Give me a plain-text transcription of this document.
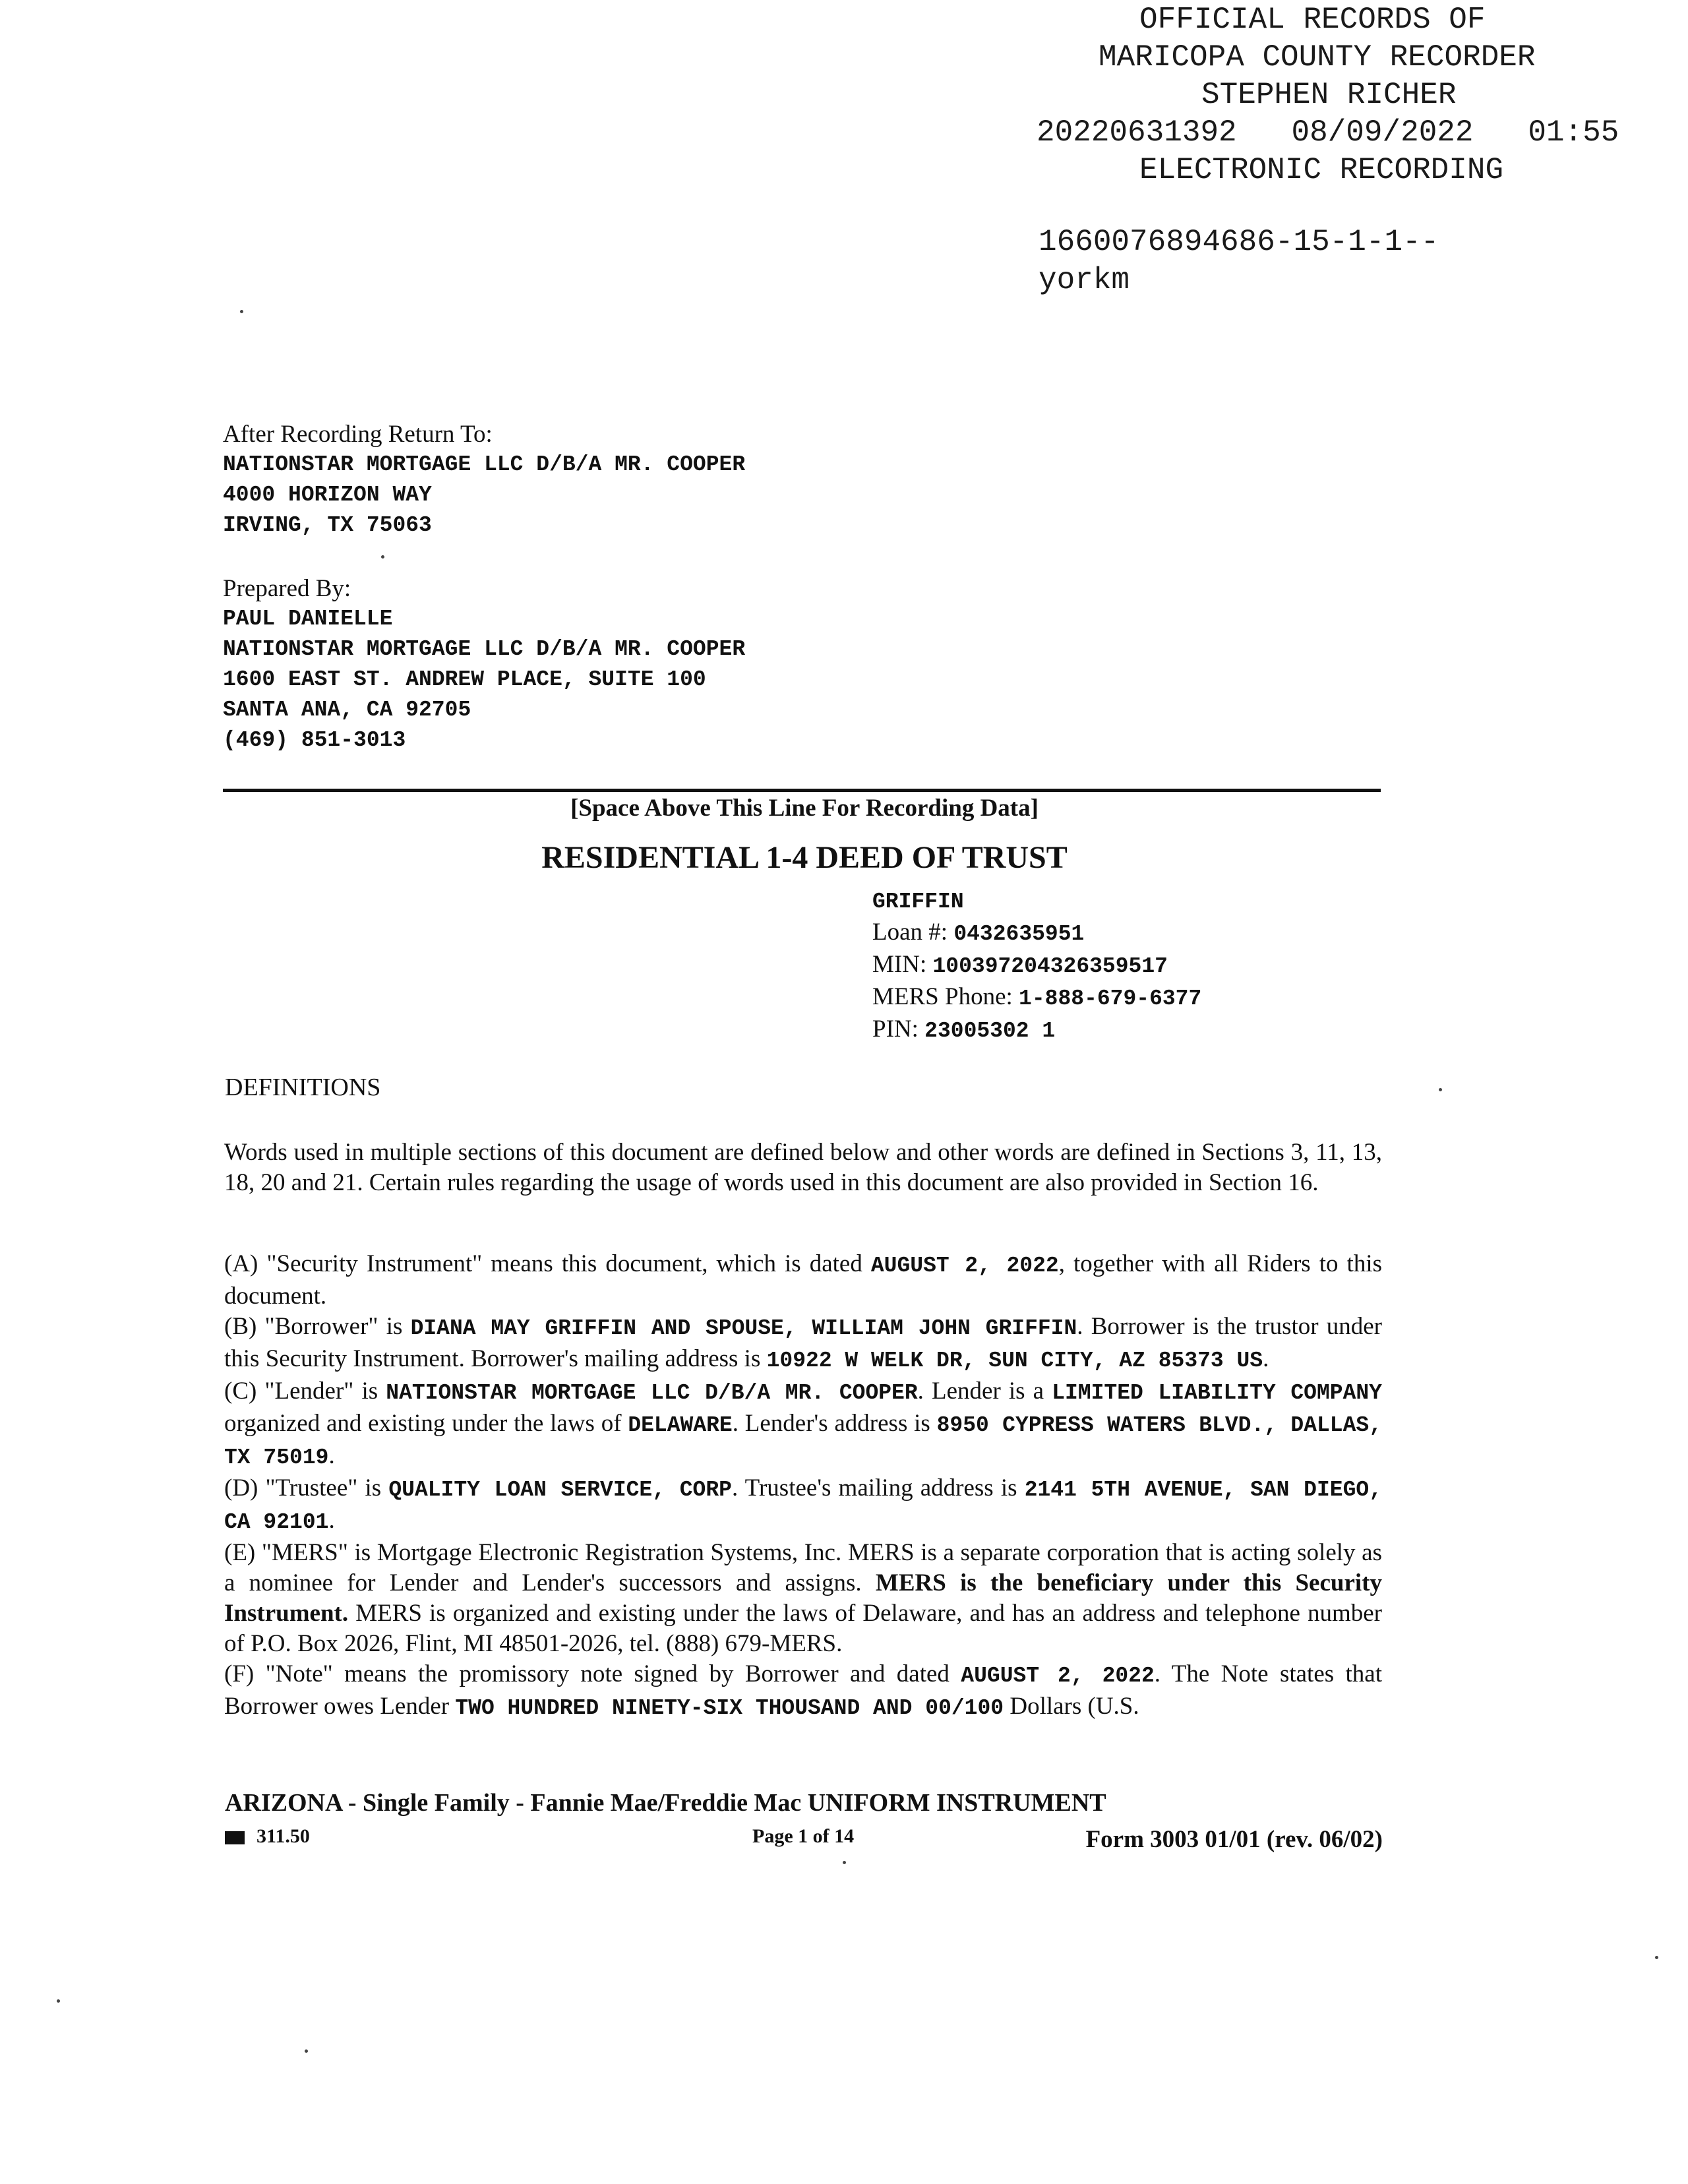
OFFICIAL RECORDS OF
MARICOPA COUNTY RECORDER
STEPHEN RICHER
20220631392   08/09/2022   01:55
ELECTRONIC RECORDING
1660076894686-15-1-1--
yorkm
After Recording Return To:
NATIONSTAR MORTGAGE LLC D/B/A MR. COOPER
4000 HORIZON WAY
IRVING, TX 75063
Prepared By:
PAUL DANIELLE
NATIONSTAR MORTGAGE LLC D/B/A MR. COOPER
1600 EAST ST. ANDREW PLACE, SUITE 100
SANTA ANA, CA 92705
(469) 851-3013
[Space Above This Line For Recording Data]
RESIDENTIAL 1-4 DEED OF TRUST
GRIFFIN
Loan #: 0432635951
MIN: 100397204326359517
MERS Phone: 1-888-679-6377
PIN: 23005302 1
DEFINITIONS
Words used in multiple sections of this document are defined below and other words are defined in Sections 3, 11, 13, 18, 20 and 21. Certain rules regarding the usage of words used in this document are also provided in Section 16.
(A) "Security Instrument" means this document, which is dated AUGUST 2, 2022, together with all Riders to this document.
(B) "Borrower" is DIANA MAY GRIFFIN AND SPOUSE, WILLIAM JOHN GRIFFIN. Borrower is the trustor under this Security Instrument. Borrower's mailing address is 10922 W WELK DR, SUN CITY, AZ 85373 US.
(C) "Lender" is NATIONSTAR MORTGAGE LLC D/B/A MR. COOPER. Lender is a LIMITED LIABILITY COMPANY organized and existing under the laws of DELAWARE. Lender's address is 8950 CYPRESS WATERS BLVD., DALLAS, TX 75019.
(D) "Trustee" is QUALITY LOAN SERVICE, CORP. Trustee's mailing address is 2141 5TH AVENUE, SAN DIEGO, CA 92101.
(E) "MERS" is Mortgage Electronic Registration Systems, Inc. MERS is a separate corporation that is acting solely as a nominee for Lender and Lender's successors and assigns. MERS is the beneficiary under this Security Instrument. MERS is organized and existing under the laws of Delaware, and has an address and telephone number of P.O. Box 2026, Flint, MI 48501-2026, tel. (888) 679-MERS.
(F) "Note" means the promissory note signed by Borrower and dated AUGUST 2, 2022. The Note states that Borrower owes Lender TWO HUNDRED NINETY-SIX THOUSAND AND 00/100 Dollars (U.S.
ARIZONA - Single Family - Fannie Mae/Freddie Mac UNIFORM INSTRUMENT
311.50	Page 1 of 14	Form 3003 01/01 (rev. 06/02)
